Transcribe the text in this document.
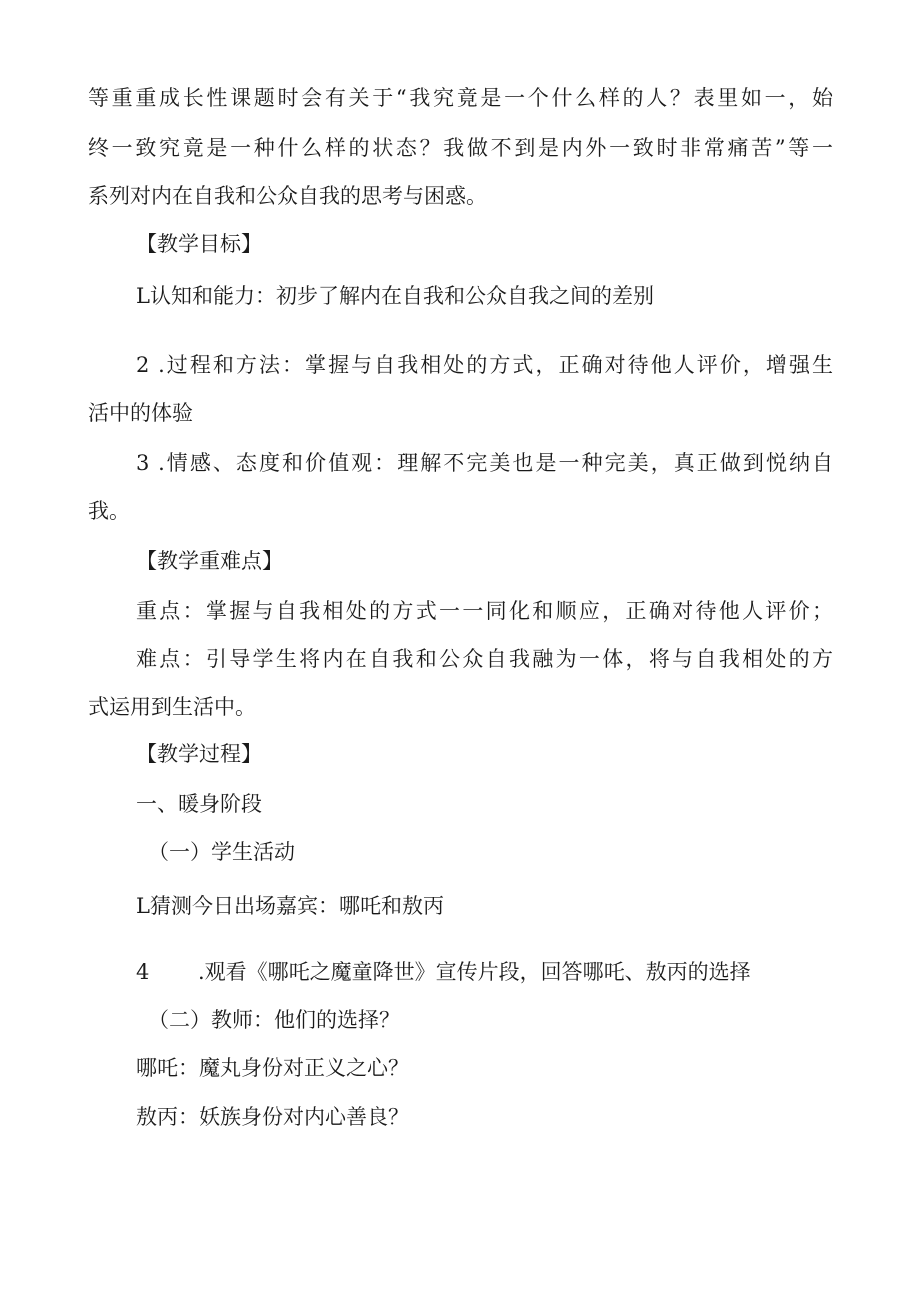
等重重成长性课题时会有关于“我究竟是一个什么样的人？表里如一，始
终一致究竟是一种什么样的状态？我做不到是内外一致时非常痛苦”等一
系列对内在自我和公众自我的思考与困惑。
【教学目标】
L认知和能力：初步了解内在自我和公众自我之间的差别
2 .过程和方法：掌握与自我相处的方式，正确对待他人评价，增强生
活中的体验
3 .情感、态度和价值观：理解不完美也是一种完美，真正做到悦纳自
我。
【教学重难点】
重点：掌握与自我相处的方式一一同化和顺应，正确对待他人评价；
难点：引导学生将内在自我和公众自我融为一体，将与自我相处的方
式运用到生活中。
【教学过程】
一、暖身阶段
（一）学生活动
L猜测今日出场嘉宾：哪吒和敖丙
4	.观看《哪吒之魔童降世》宣传片段，回答哪吒、敖丙的选择
（二）教师：他们的选择？
哪吒：魔丸身份对正义之心？
敖丙：妖族身份对内心善良？
